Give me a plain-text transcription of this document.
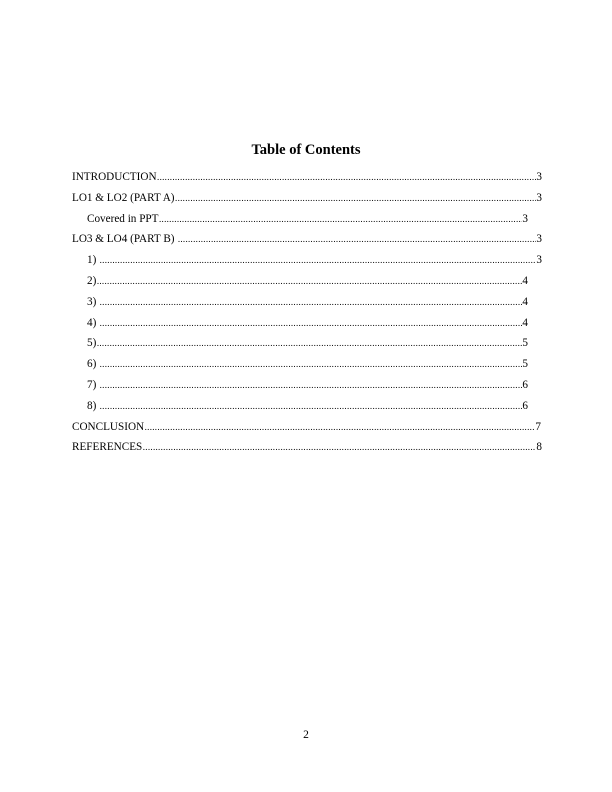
Table of Contents
INTRODUCTION .....	3
LO1 & LO2 (PART A) .....	3
Covered in PPT .....	3
LO3 & LO4 (PART B) .....	3
1) .....	3
2) .....	4
3) .....	4
4) .....	4
5) .....	5
6) .....	5
7) .....	6
8) .....	6
CONCLUSION .....	7
REFERENCES .....	8
2
